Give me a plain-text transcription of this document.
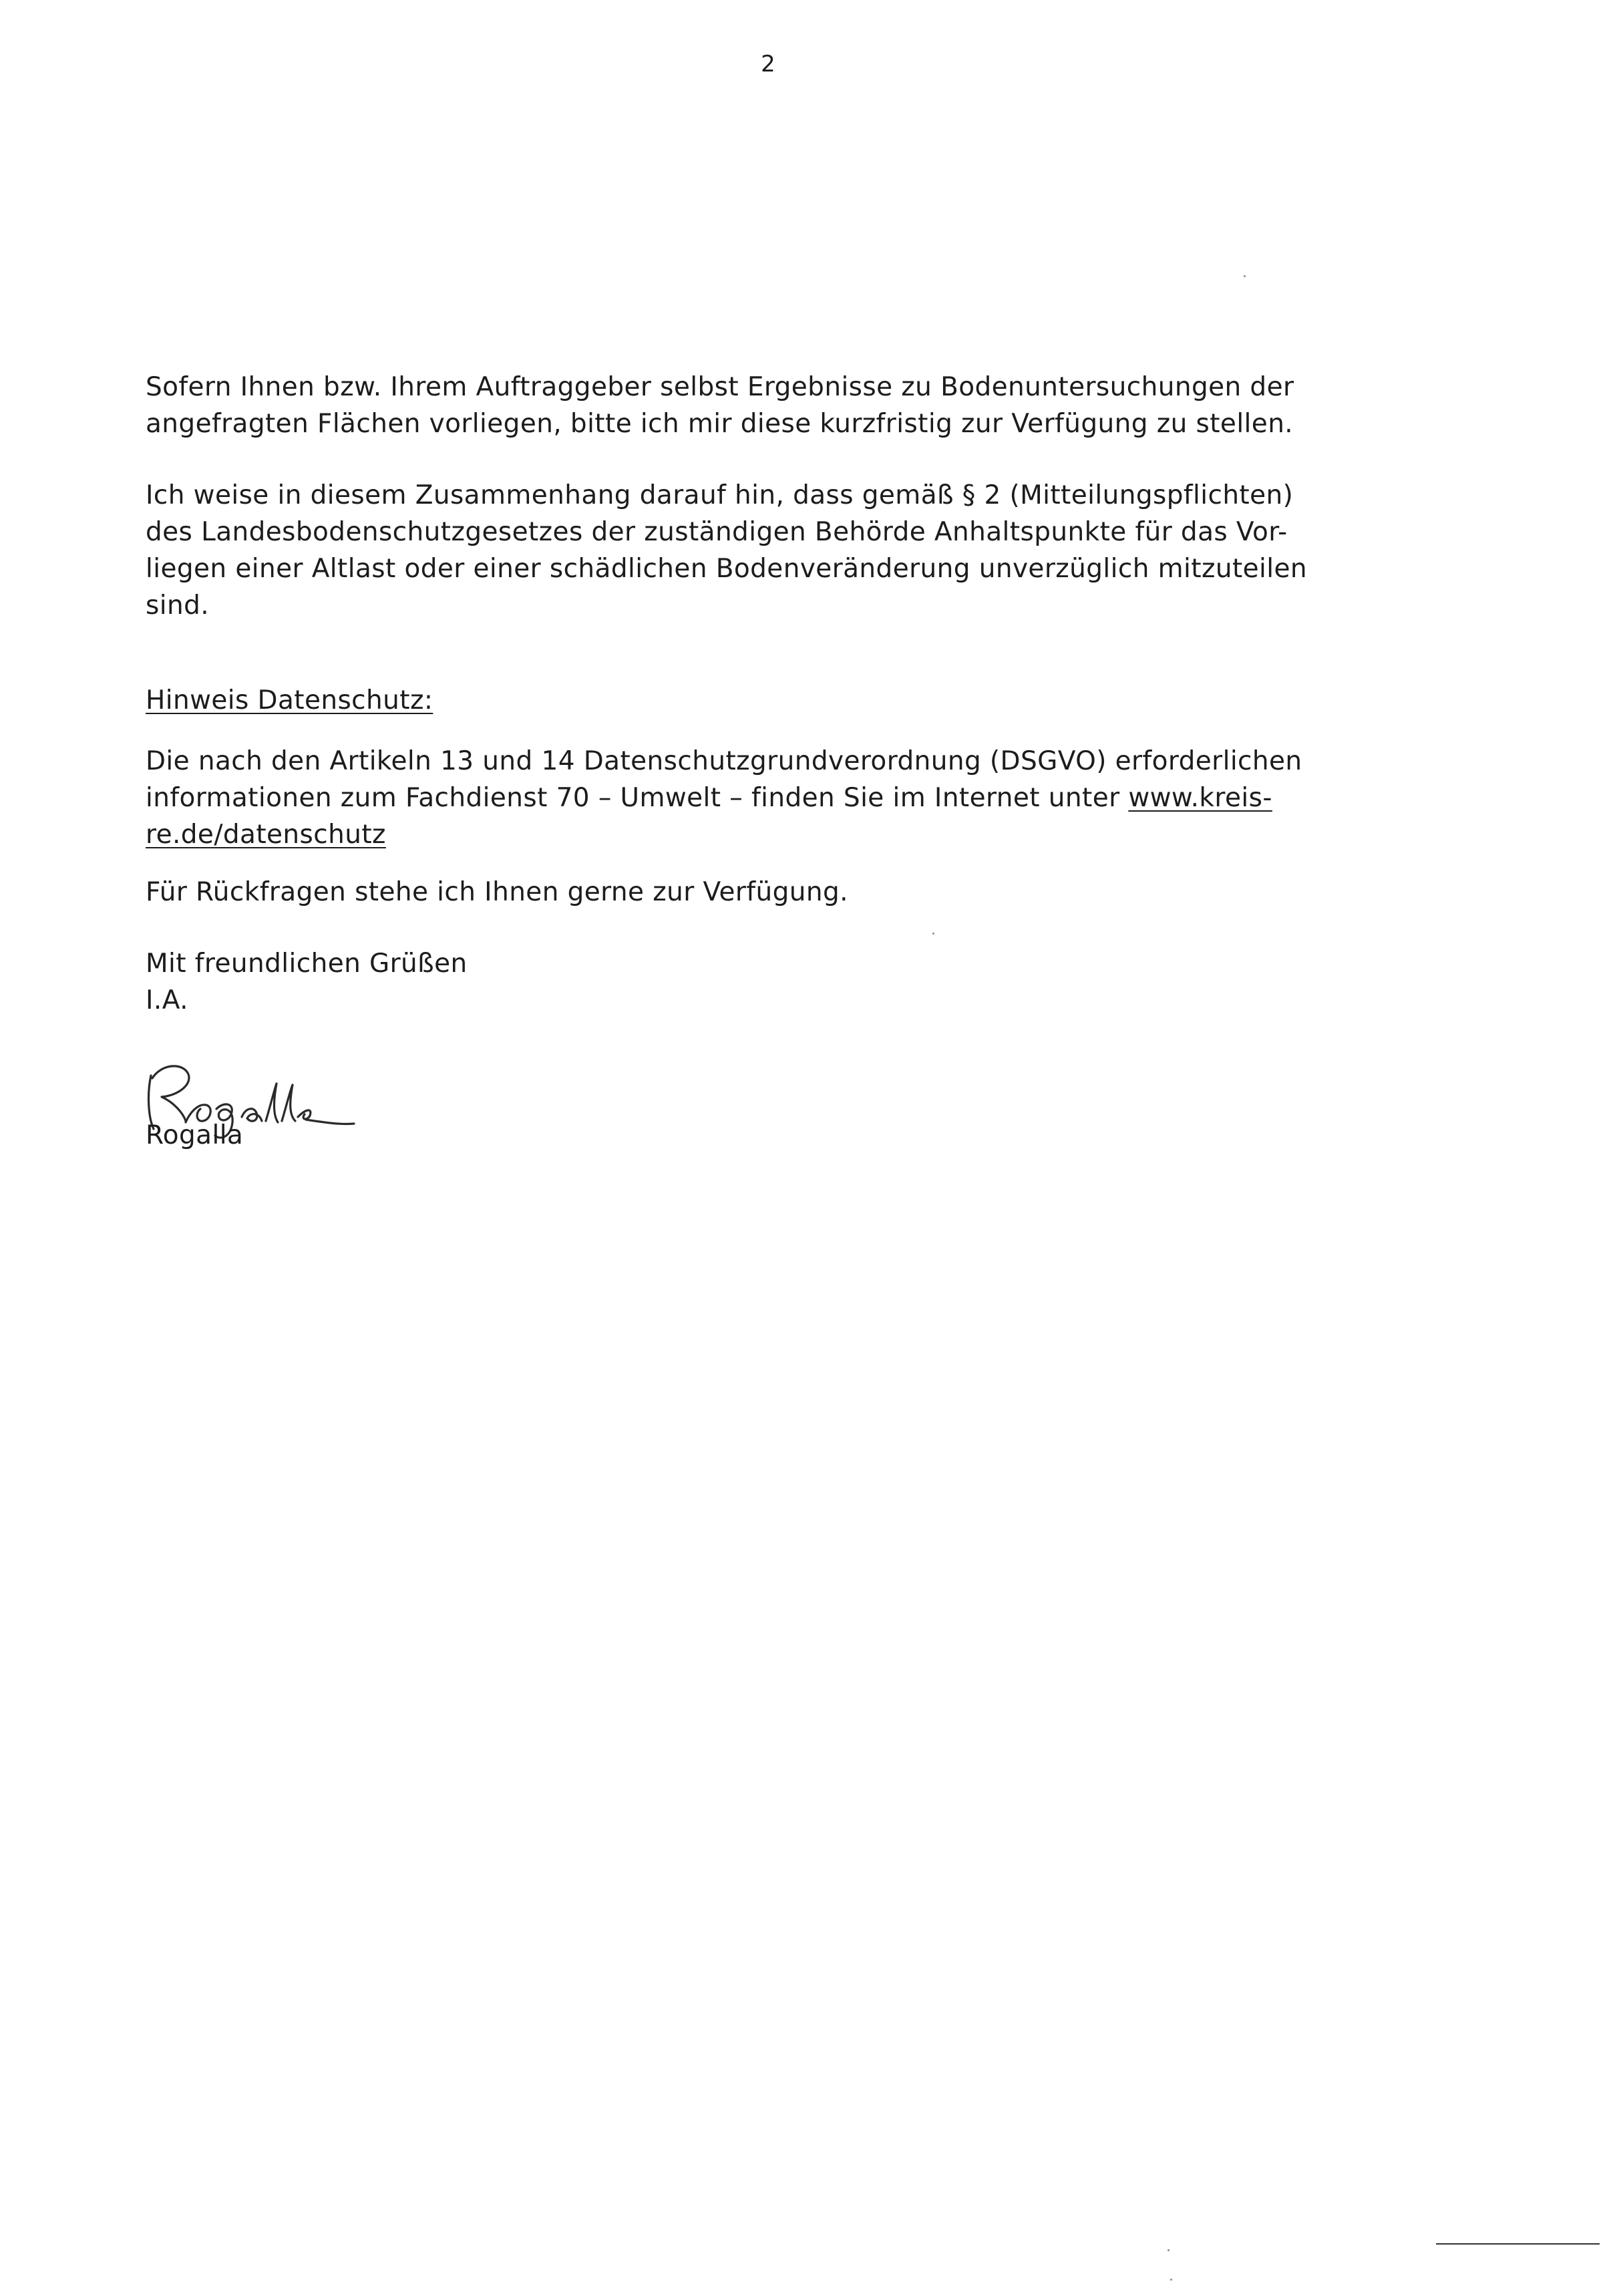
2

Sofern Ihnen bzw. Ihrem Auftraggeber selbst Ergebnisse zu Bodenuntersuchungen der
angefragten Flächen vorliegen, bitte ich mir diese kurzfristig zur Verfügung zu stellen.

Ich weise in diesem Zusammenhang darauf hin, dass gemäß § 2 (Mitteilungspflichten)
des Landesbodenschutzgesetzes der zuständigen Behörde Anhaltspunkte für das Vor-
liegen einer Altlast oder einer schädlichen Bodenveränderung unverzüglich mitzuteilen
sind.

Hinweis Datenschutz:

Die nach den Artikeln 13 und 14 Datenschutzgrundverordnung (DSGVO) erforderlichen
informationen zum Fachdienst 70 – Umwelt – finden Sie im Internet unter www.kreis-
re.de/datenschutz

Für Rückfragen stehe ich Ihnen gerne zur Verfügung.

Mit freundlichen Grüßen
I.A.

Rogalla
